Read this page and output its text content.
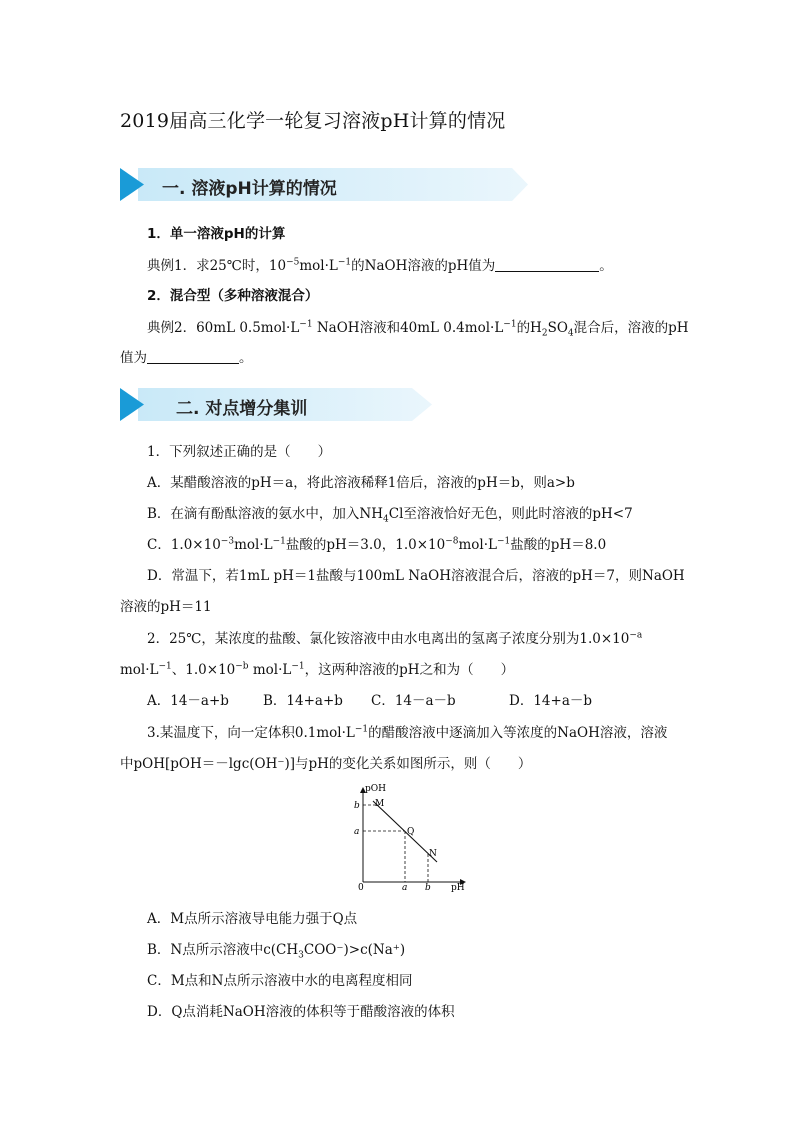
2019届高三化学一轮复习溶液pH计算的情况
一. 溶液pH计算的情况
1．单一溶液pH的计算
典例1．求25℃时，$10^{-5}mol\cdot L^{-1}$的NaOH溶液的pH值为	。
2．混合型（多种溶液混合）
典例2．60mL $0.5mol\cdot L^{-1}$ NaOH溶液和40mL $0.4mol\cdot L^{-1}$的$H_2SO_4$混合后，溶液的pH
值为	。
二. 对点增分集训
1．下列叙述正确的是（　　）
A．某醋酸溶液的pH＝a，将此溶液稀释1倍后，溶液的pH＝b，则a>b
B．在滴有酚酞溶液的氨水中，加入$NH_4Cl$至溶液恰好无色，则此时溶液的pH<7
C．$1.0\times 10^{-3}mol\cdot L^{-1}$盐酸的pH＝3.0，$1.0\times 10^{-8}mol\cdot L^{-1}$盐酸的pH＝8.0
D．常温下，若1mL pH＝1盐酸与100mL NaOH溶液混合后，溶液的pH＝7，则NaOH
溶液的pH＝11
2．25℃，某浓度的盐酸、氯化铵溶液中由水电离出的氢离子浓度分别为$1.0\times 10^{-a}$
$mol\cdot L^{-1}$、$1.0\times 10^{-b}$ $mol\cdot L^{-1}$，这两种溶液的pH之和为（　　）
A．14－a+b	B．14+a+b C．14－a－b	D．14+a－b
3.某温度下，向一定体积$0.1mol\cdot L^{-1}$的醋酸溶液中逐滴加入等浓度的NaOH溶液，溶液
中pOH[pOH＝－lgc(OH⁻)]与pH的变化关系如图所示，则（　　）
pOH
pH
0
b
a
a b
M
Q
N
A．M点所示溶液导电能力强于Q点
B．N点所示溶液中$c(CH_3COO^-)>c(Na^+)$
C．M点和N点所示溶液中水的电离程度相同
D．Q点消耗NaOH溶液的体积等于醋酸溶液的体积
